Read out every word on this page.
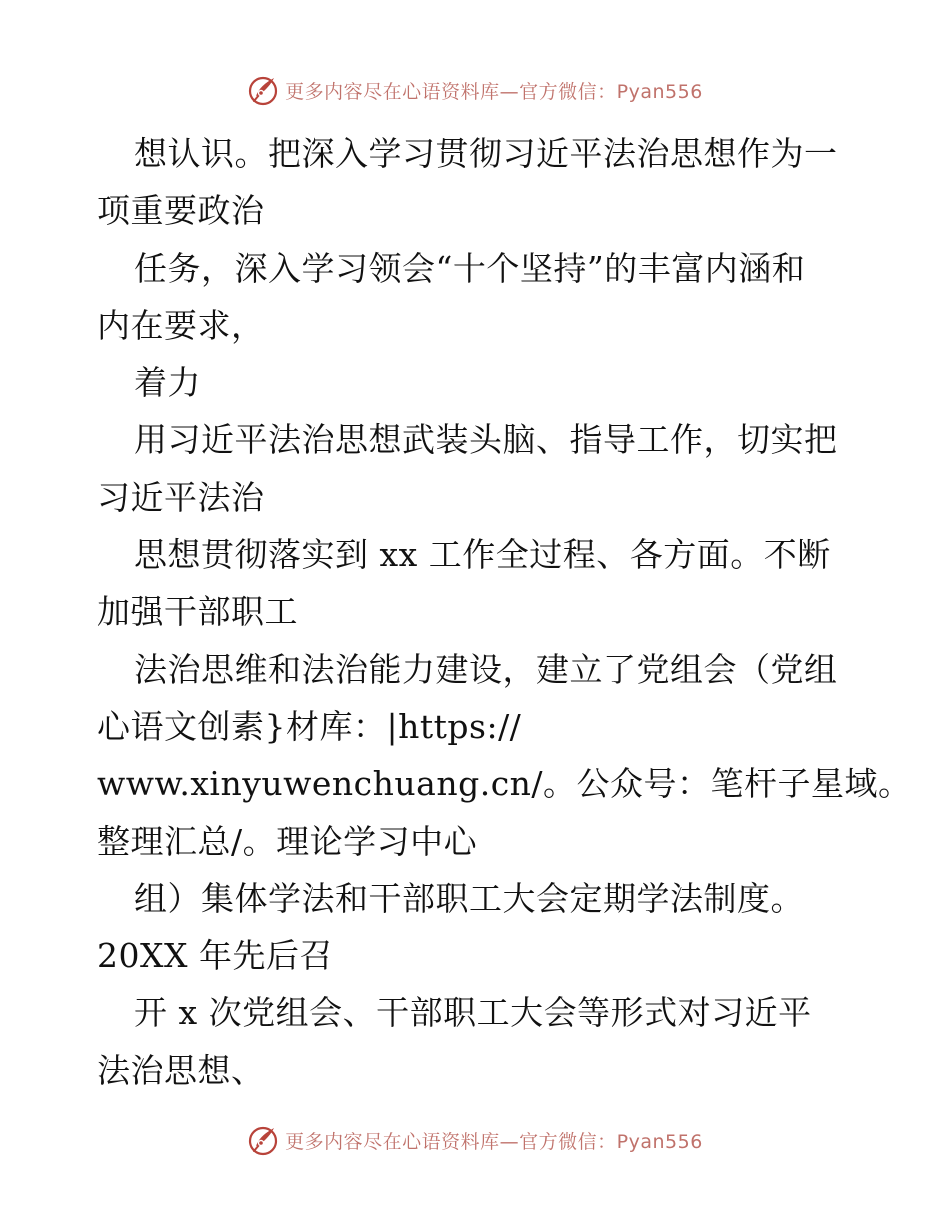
更多内容尽在心语资料库—官方微信：Pyan556
想认识。把深入学习贯彻习近平法治思想作为一
项重要政治
任务，深入学习领会“十个坚持”的丰富内涵和
内在要求，
着力
用习近平法治思想武装头脑、指导工作，切实把
习近平法治
思想贯彻落实到 xx 工作全过程、各方面。不断
加强干部职工
法治思维和法治能力建设，建立了党组会（党组
心语文创素}材库：|https://
www.xinyuwenchuang.cn/。公众号：笔杆子星域。
整理汇总/。理论学习中心
组）集体学法和干部职工大会定期学法制度。
20XX 年先后召
开 x 次党组会、干部职工大会等形式对习近平
法治思想、
更多内容尽在心语资料库—官方微信：Pyan556
